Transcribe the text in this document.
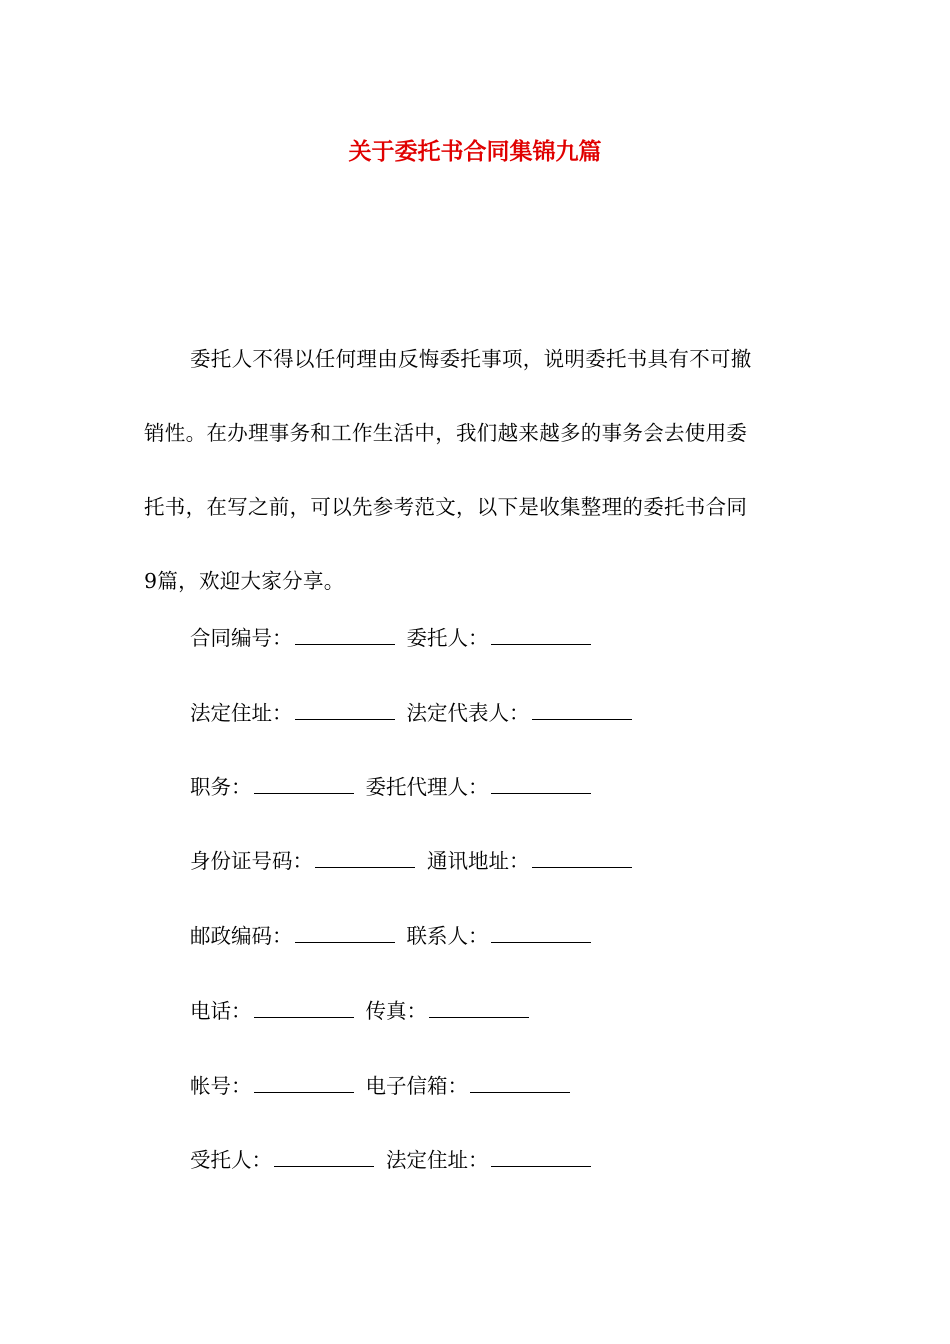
关于委托书合同集锦九篇
委托人不得以任何理由反悔委托事项，说明委托书具有不可撤
销性。在办理事务和工作生活中，我们越来越多的事务会去使用委
托书，在写之前，可以先参考范文，以下是收集整理的委托书合同
9篇，欢迎大家分享。
合同编号：	委托人：
法定住址：	法定代表人：
职务：	委托代理人：
身份证号码：	通讯地址：
邮政编码：	联系人：
电话：	传真：
帐号：	电子信箱：
受托人：	法定住址：
